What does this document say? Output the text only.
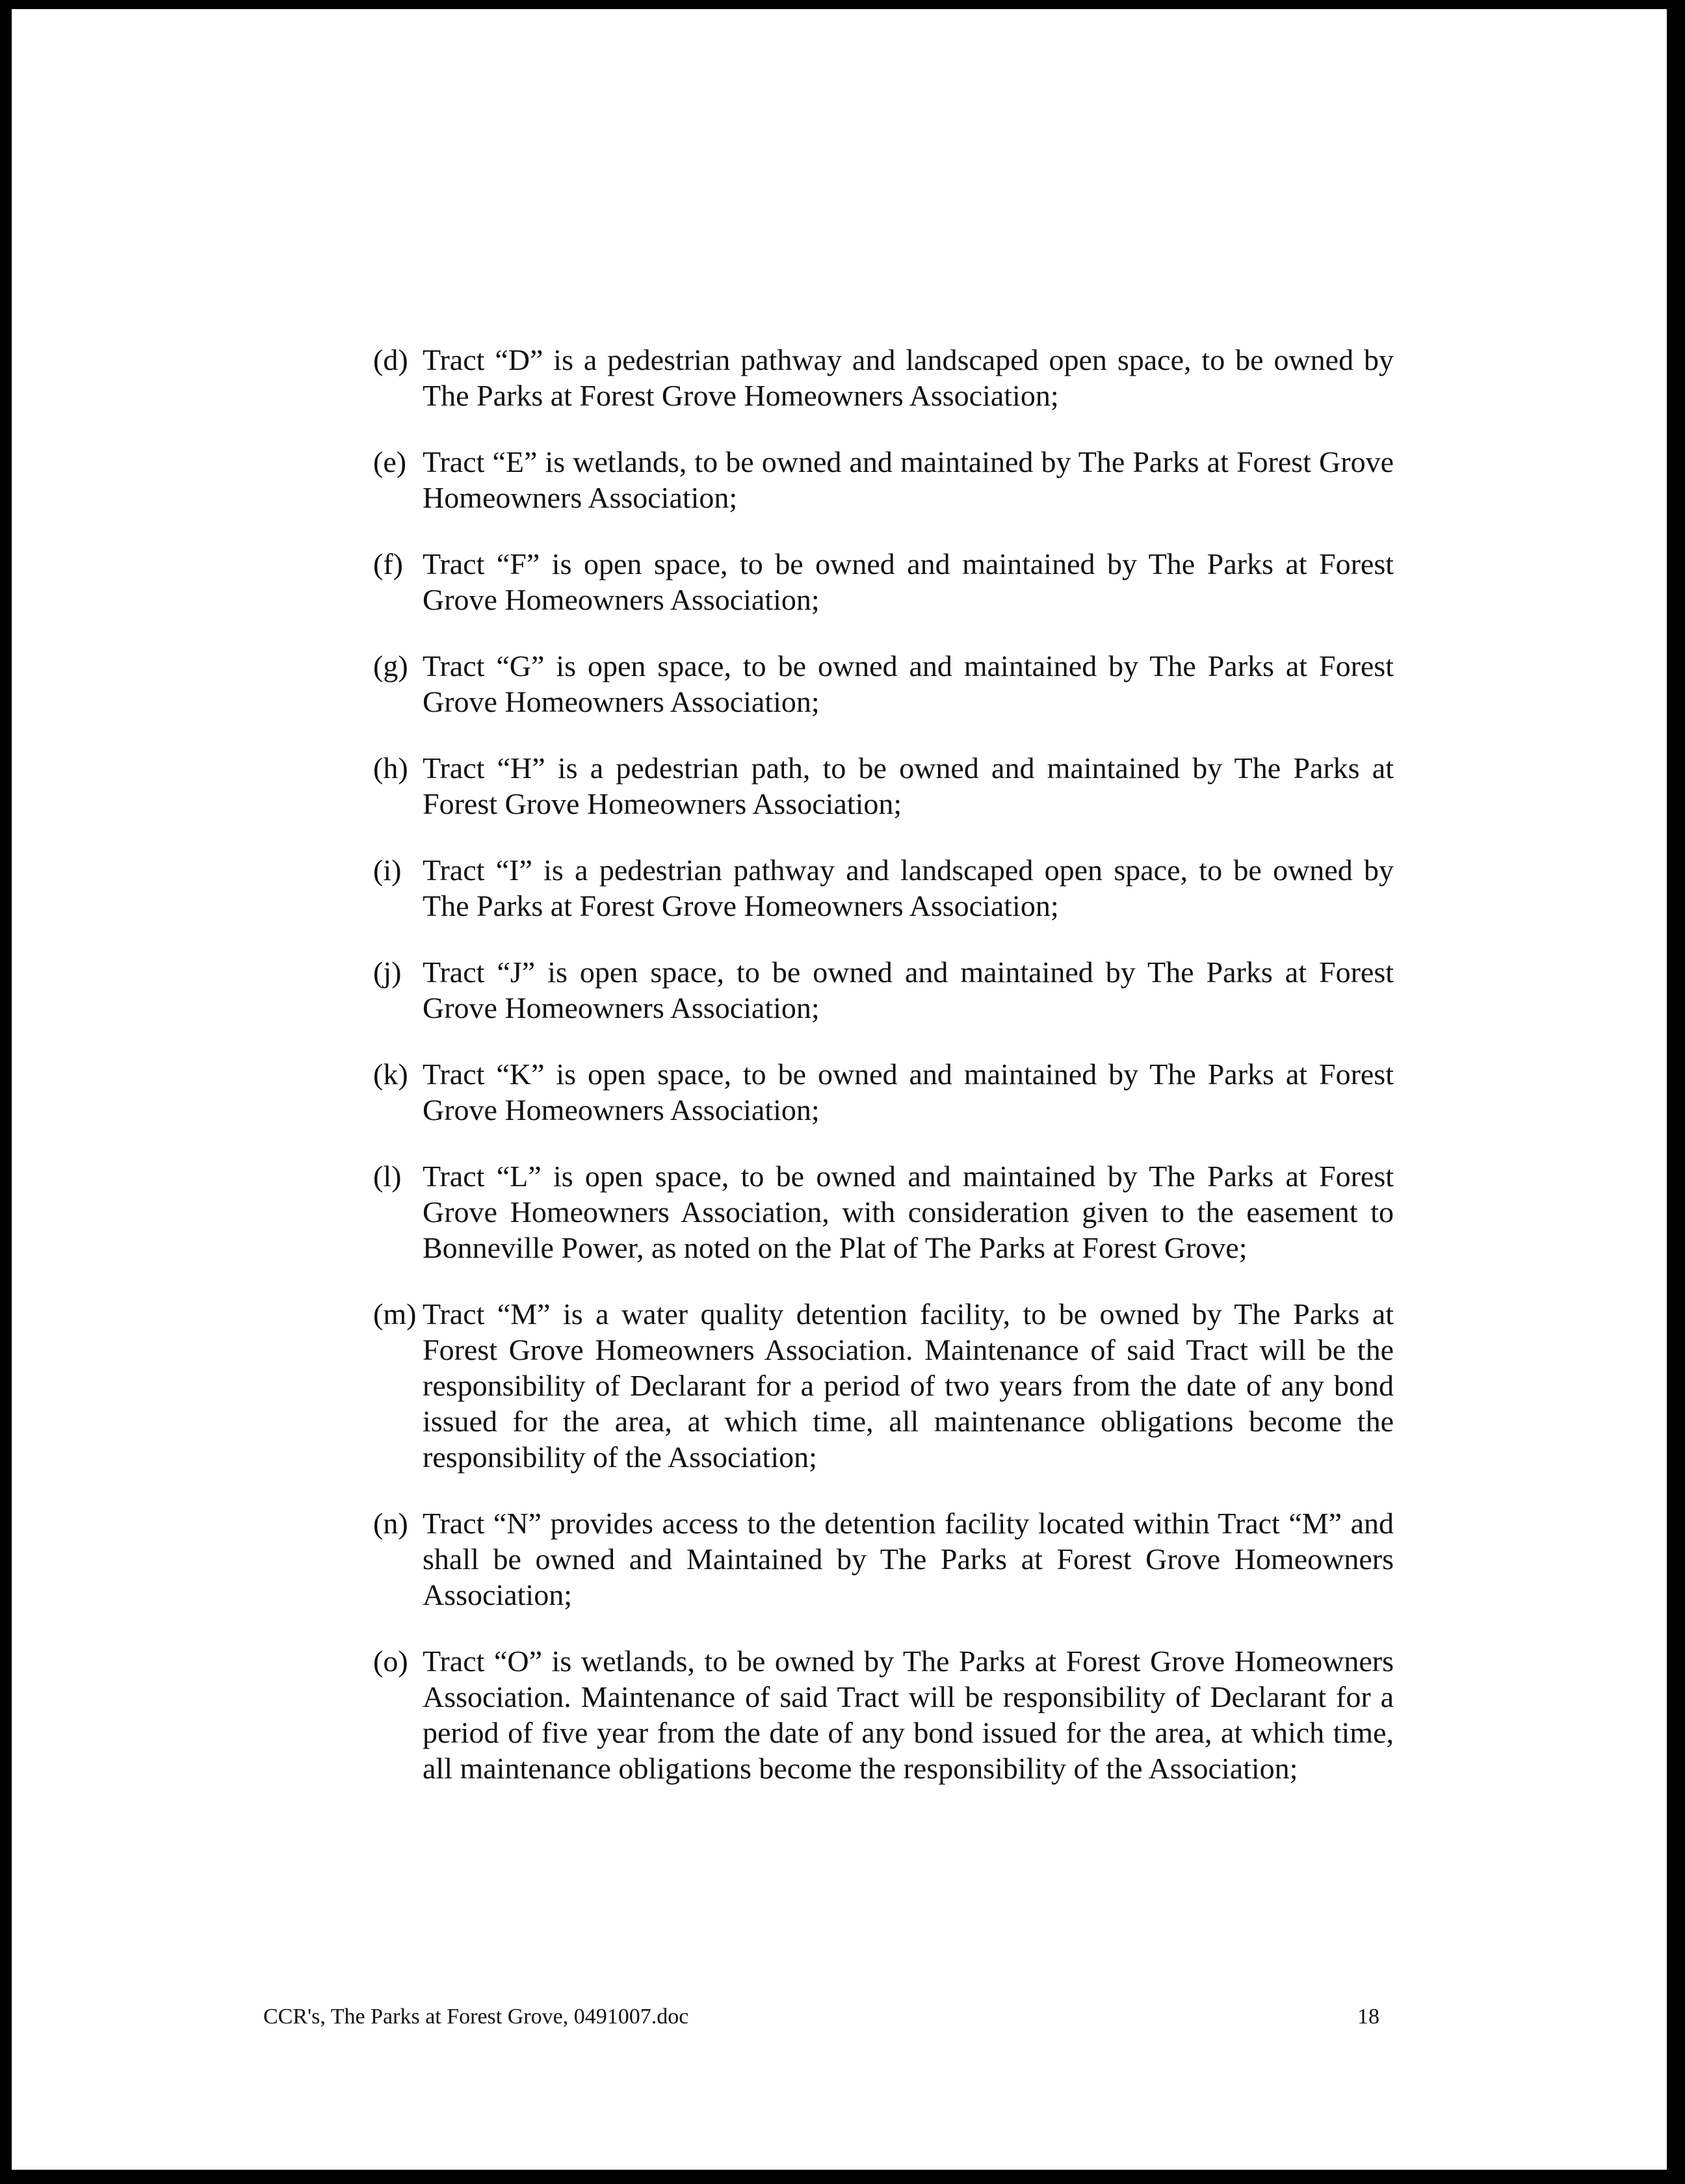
(d) Tract “D” is a pedestrian pathway and landscaped open space, to be owned by The Parks at Forest Grove Homeowners Association;
(e) Tract “E” is wetlands, to be owned and maintained by The Parks at Forest Grove Homeowners Association;
(f) Tract “F” is open space, to be owned and maintained by The Parks at Forest Grove Homeowners Association;
(g) Tract “G” is open space, to be owned and maintained by The Parks at Forest Grove Homeowners Association;
(h) Tract “H” is a pedestrian path, to be owned and maintained by The Parks at Forest Grove Homeowners Association;
(i) Tract “I” is a pedestrian pathway and landscaped open space, to be owned by The Parks at Forest Grove Homeowners Association;
(j) Tract “J” is open space, to be owned and maintained by The Parks at Forest Grove Homeowners Association;
(k) Tract “K” is open space, to be owned and maintained by The Parks at Forest Grove Homeowners Association;
(l) Tract “L” is open space, to be owned and maintained by The Parks at Forest Grove Homeowners Association, with consideration given to the easement to Bonneville Power, as noted on the Plat of The Parks at Forest Grove;
(m) Tract “M” is a water quality detention facility, to be owned by The Parks at Forest Grove Homeowners Association. Maintenance of said Tract will be the responsibility of Declarant for a period of two years from the date of any bond issued for the area, at which time, all maintenance obligations become the responsibility of the Association;
(n) Tract “N” provides access to the detention facility located within Tract “M” and shall be owned and Maintained by The Parks at Forest Grove Homeowners Association;
(o) Tract “O” is wetlands, to be owned by The Parks at Forest Grove Homeowners Association. Maintenance of said Tract will be responsibility of Declarant for a period of five year from the date of any bond issued for the area, at which time, all maintenance obligations become the responsibility of the Association;
CCR's, The Parks at Forest Grove, 0491007.doc	18
